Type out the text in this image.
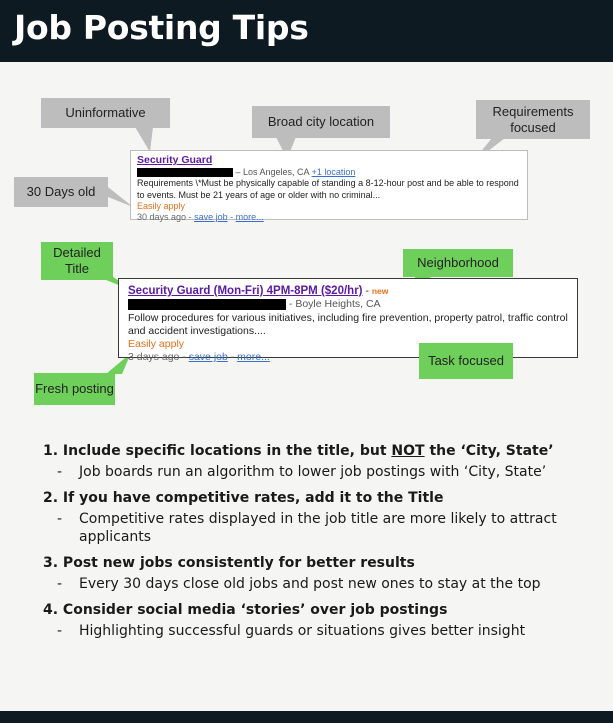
Job Posting Tips
Security Guard
– Los Angeles, CA +1 location
Requirements \*Must be physically capable of standing a 8-12-hour post and be able to respond to events. Must be 21 years of age or older with no criminal...
Easily apply
30 days ago - save job - more...
Security Guard (Mon-Fri) 4PM-8PM ($20/hr) - new
- Boyle Heights, CA
Follow procedures for various initiatives, including fire prevention, property patrol, traffic control and accident investigations....
Easily apply
3 days ago - save job - more...
Uninformative
Broad city location
Requirements focused
30 Days old
Detailed Title	Neighborhood
Task focused
Fresh posting

1. Include specific locations in the title, but NOT the ‘City, State’

- Job boards run an algorithm to lower job postings with ‘City, State’

2. If you have competitive rates, add it to the Title

- Competitive rates displayed in the job title are more likely to attract applicants

3. Post new jobs consistently for better results

- Every 30 days close old jobs and post new ones to stay at the top

4. Consider social media ‘stories’ over job postings

- Highlighting successful guards or situations gives better insight
